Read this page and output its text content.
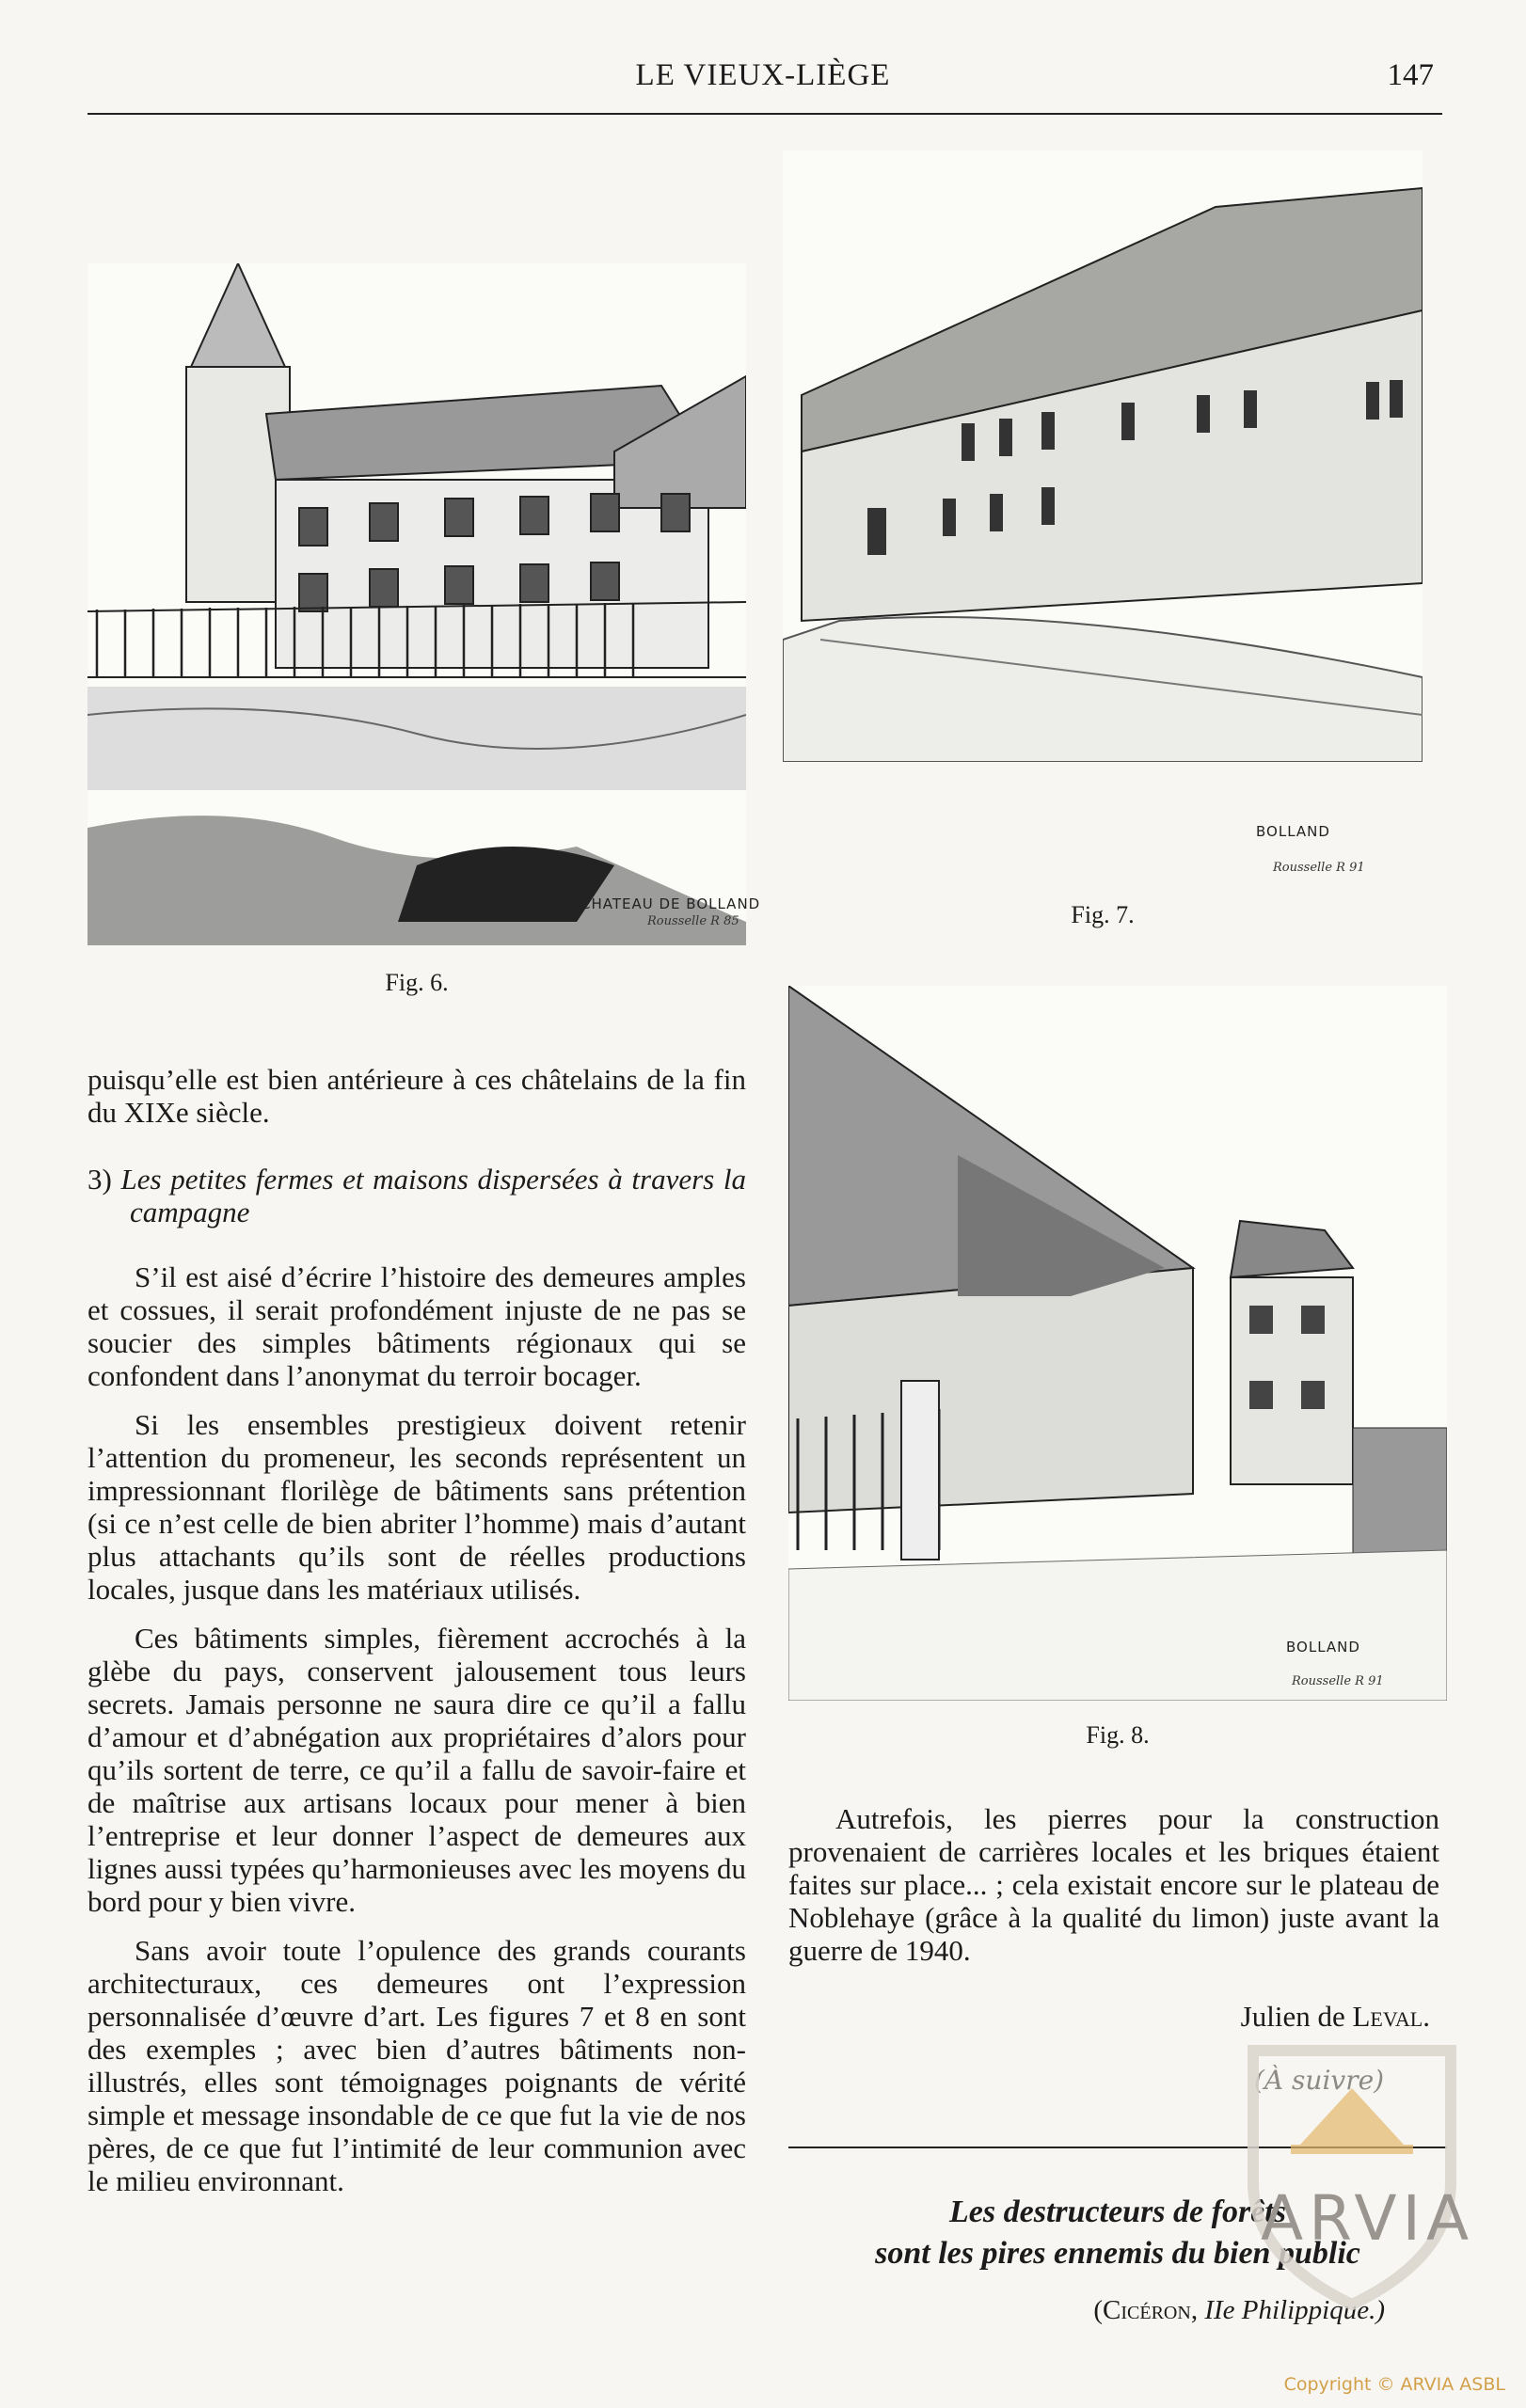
LE VIEUX-LIÈGE	147
CHATEAU DE BOLLAND
Rousselle R 85
Fig. 6.
BOLLAND
Rousselle R 91
Fig. 7.
BOLLAND
Rousselle R 91
Fig. 8.

puisqu’elle est bien antérieure à ces châtelains de la fin du XIXe siècle.

3) Les petites fermes et maisons dispersées à travers la campagne

S’il est aisé d’écrire l’histoire des demeures amples et cossues, il serait profondément injuste de ne pas se soucier des simples bâtiments régionaux qui se confondent dans l’anonymat du terroir bocager.

Si les ensembles prestigieux doivent retenir l’attention du promeneur, les seconds représentent un impressionnant florilège de bâtiments sans prétention (si ce n’est celle de bien abriter l’homme) mais d’autant plus attachants qu’ils sont de réelles productions locales, jusque dans les matériaux utilisés.

Ces bâtiments simples, fièrement accrochés à la glèbe du pays, conservent jalousement tous leurs secrets. Jamais personne ne saura dire ce qu’il a fallu d’amour et d’abnégation aux propriétaires d’alors pour qu’ils sortent de terre, ce qu’il a fallu de savoir-faire et de maîtrise aux artisans locaux pour mener à bien l’entreprise et leur donner l’aspect de demeures aux lignes aussi typées qu’harmonieuses avec les moyens du bord pour y bien vivre.

Sans avoir toute l’opulence des grands courants architecturaux, ces demeures ont l’expression personnalisée d’œuvre d’art. Les figures 7 et 8 en sont des exemples ; avec bien d’autres bâtiments non-illustrés, elles sont témoignages poignants de vérité simple et message insondable de ce que fut la vie de nos pères, de ce que fut l’intimité de leur communion avec le milieu environnant.

Autrefois, les pierres pour la construction provenaient de carrières locales et les briques étaient faites sur place... ; cela existait encore sur le plateau de Noblehaye (grâce à la qualité du limon) juste avant la guerre de 1940.
Julien de Leval.
(À suivre)
Les destructeurs de forêts
sont les pires ennemis du bien public
(Cicéron, IIe Philippique.)
ARVIA
Copyright © ARVIA ASBL
